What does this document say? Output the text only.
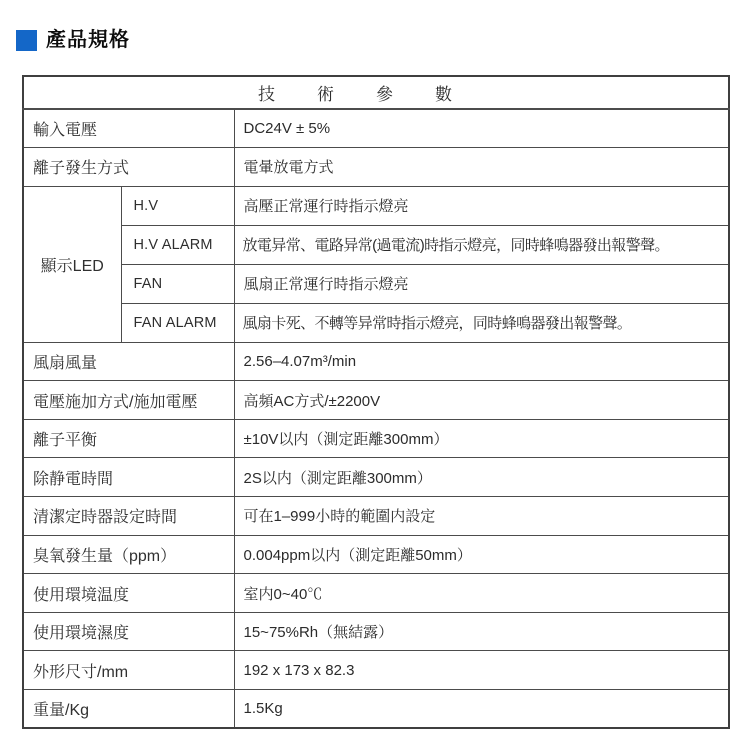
產品規格
技術參數		
輸入電壓		DC24V ± 5%
離子發生方式		電暈放電方式
顯示LED	H.V	高壓正常運行時指示燈亮
	H.V ALARM	放電异常、電路异常(過電流)時指示燈亮，同時蜂鳴器發出報警聲。
	FAN	風扇正常運行時指示燈亮
	FAN ALARM	風扇卡死、不轉等异常時指示燈亮，同時蜂鳴器發出報警聲。
風扇風量		2.56–4.07m³/min
電壓施加方式/施加電壓		高頻AC方式/±2200V
離子平衡		±10V以内（測定距離300mm）
除静電時間		2S以内（測定距離300mm）
清潔定時器設定時間		可在1–999小時的範圍内設定
臭氧發生量（ppm）		0.004ppm以内（測定距離50mm）
使用環境温度		室内0~40℃
使用環境濕度		15~75%Rh（無結露）
外形尺寸/mm		192 x 173 x 82.3
重量/Kg		1.5Kg
